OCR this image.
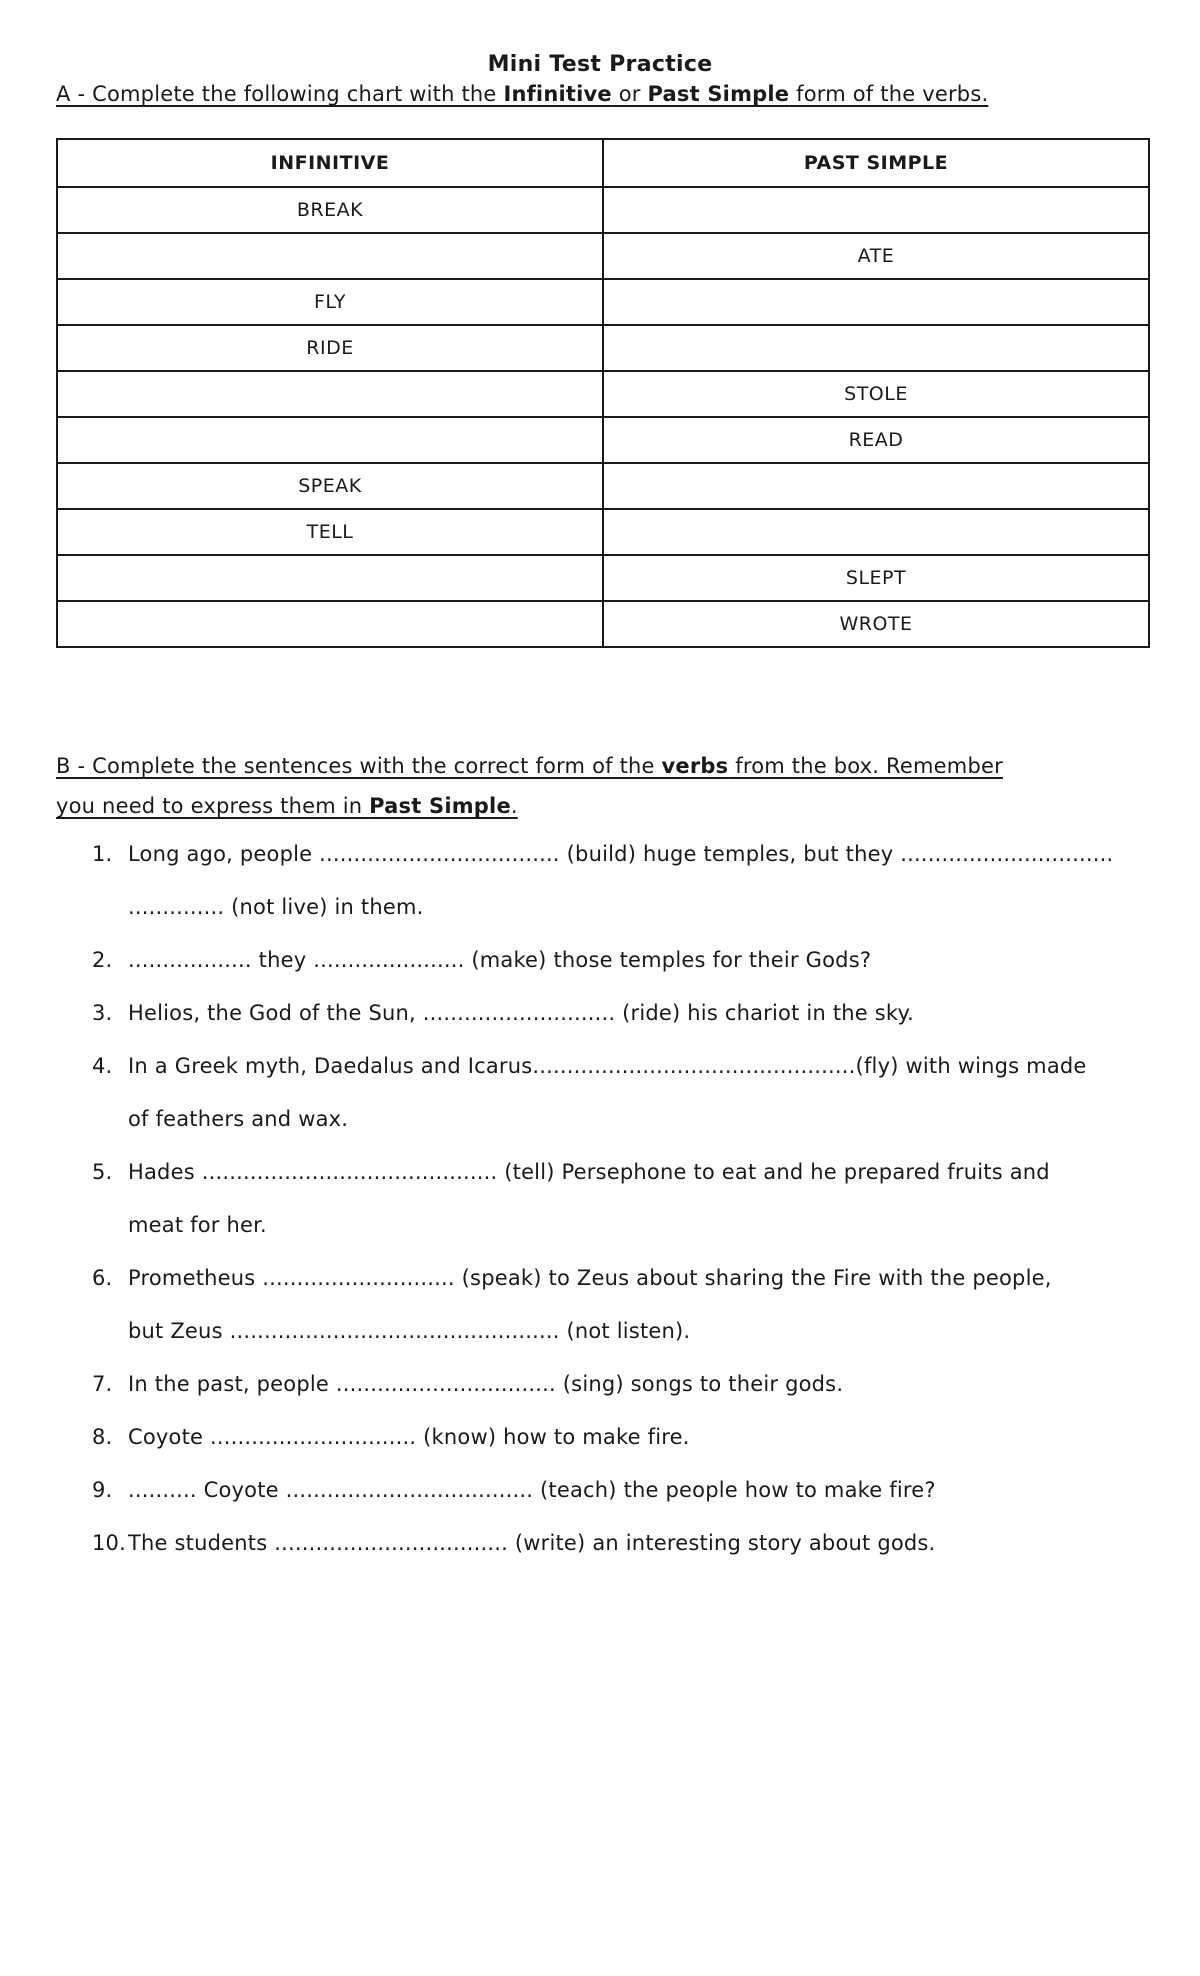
Mini Test Practice
A - Complete the following chart with the Infinitive or Past Simple form of the verbs.
INFINITIVE	PAST SIMPLE
BREAK	
	ATE
FLY	
RIDE	
	STOLE
	READ
SPEAK	
TELL	
	SLEPT
	WROTE
B - Complete the sentences with the correct form of the verbs from the box. Remember
you need to express them in Past Simple.
1. Long ago, people ................................... (build) huge temples, but they ...............................
.............. (not live) in them.
2. .................. they ...................... (make) those temples for their Gods?
3. Helios, the God of the Sun, ............................ (ride) his chariot in the sky.
4. In a Greek myth, Daedalus and Icarus...............................................(fly) with wings made
of feathers and wax.
5. Hades ........................................... (tell) Persephone to eat and he prepared fruits and
meat for her.
6. Prometheus ............................ (speak) to Zeus about sharing the Fire with the people,
but Zeus ................................................ (not listen).
7. In the past, people ................................ (sing) songs to their gods.
8. Coyote .............................. (know) how to make fire.
9. .......... Coyote .................................... (teach) the people how to make fire?
10. The students .................................. (write) an interesting story about gods.
